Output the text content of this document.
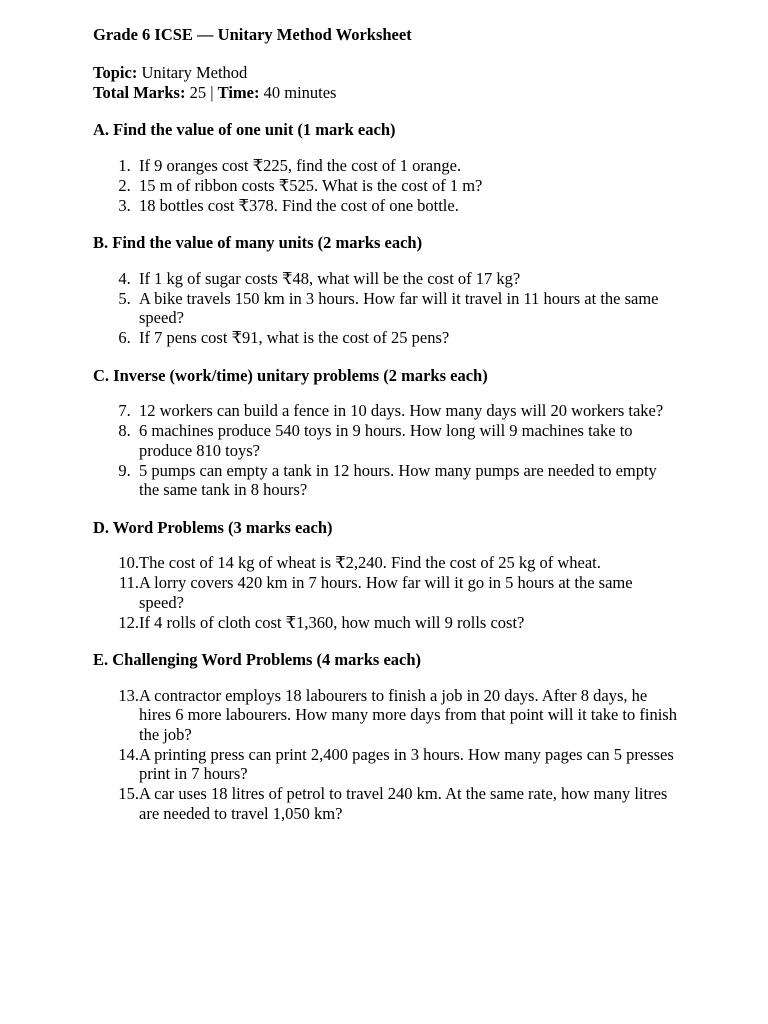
Grade 6 ICSE — Unitary Method Worksheet
Topic: Unitary Method
Total Marks: 25 | Time: 40 minutes
A. Find the value of one unit (1 mark each)
1. If 9 oranges cost ₹225, find the cost of 1 orange.
2. 15 m of ribbon costs ₹525. What is the cost of 1 m?
3. 18 bottles cost ₹378. Find the cost of one bottle.
B. Find the value of many units (2 marks each)
4. If 1 kg of sugar costs ₹48, what will be the cost of 17 kg?
5. A bike travels 150 km in 3 hours. How far will it travel in 11 hours at the same speed?
6. If 7 pens cost ₹91, what is the cost of 25 pens?
C. Inverse (work/time) unitary problems (2 marks each)
7. 12 workers can build a fence in 10 days. How many days will 20 workers take?
8. 6 machines produce 540 toys in 9 hours. How long will 9 machines take to produce 810 toys?
9. 5 pumps can empty a tank in 12 hours. How many pumps are needed to empty the same tank in 8 hours?
D. Word Problems (3 marks each)
10. The cost of 14 kg of wheat is ₹2,240. Find the cost of 25 kg of wheat.
11. A lorry covers 420 km in 7 hours. How far will it go in 5 hours at the same speed?
12. If 4 rolls of cloth cost ₹1,360, how much will 9 rolls cost?
E. Challenging Word Problems (4 marks each)
13. A contractor employs 18 labourers to finish a job in 20 days. After 8 days, he hires 6 more labourers. How many more days from that point will it take to finish the job?
14. A printing press can print 2,400 pages in 3 hours. How many pages can 5 presses print in 7 hours?
15. A car uses 18 litres of petrol to travel 240 km. At the same rate, how many litres are needed to travel 1,050 km?
